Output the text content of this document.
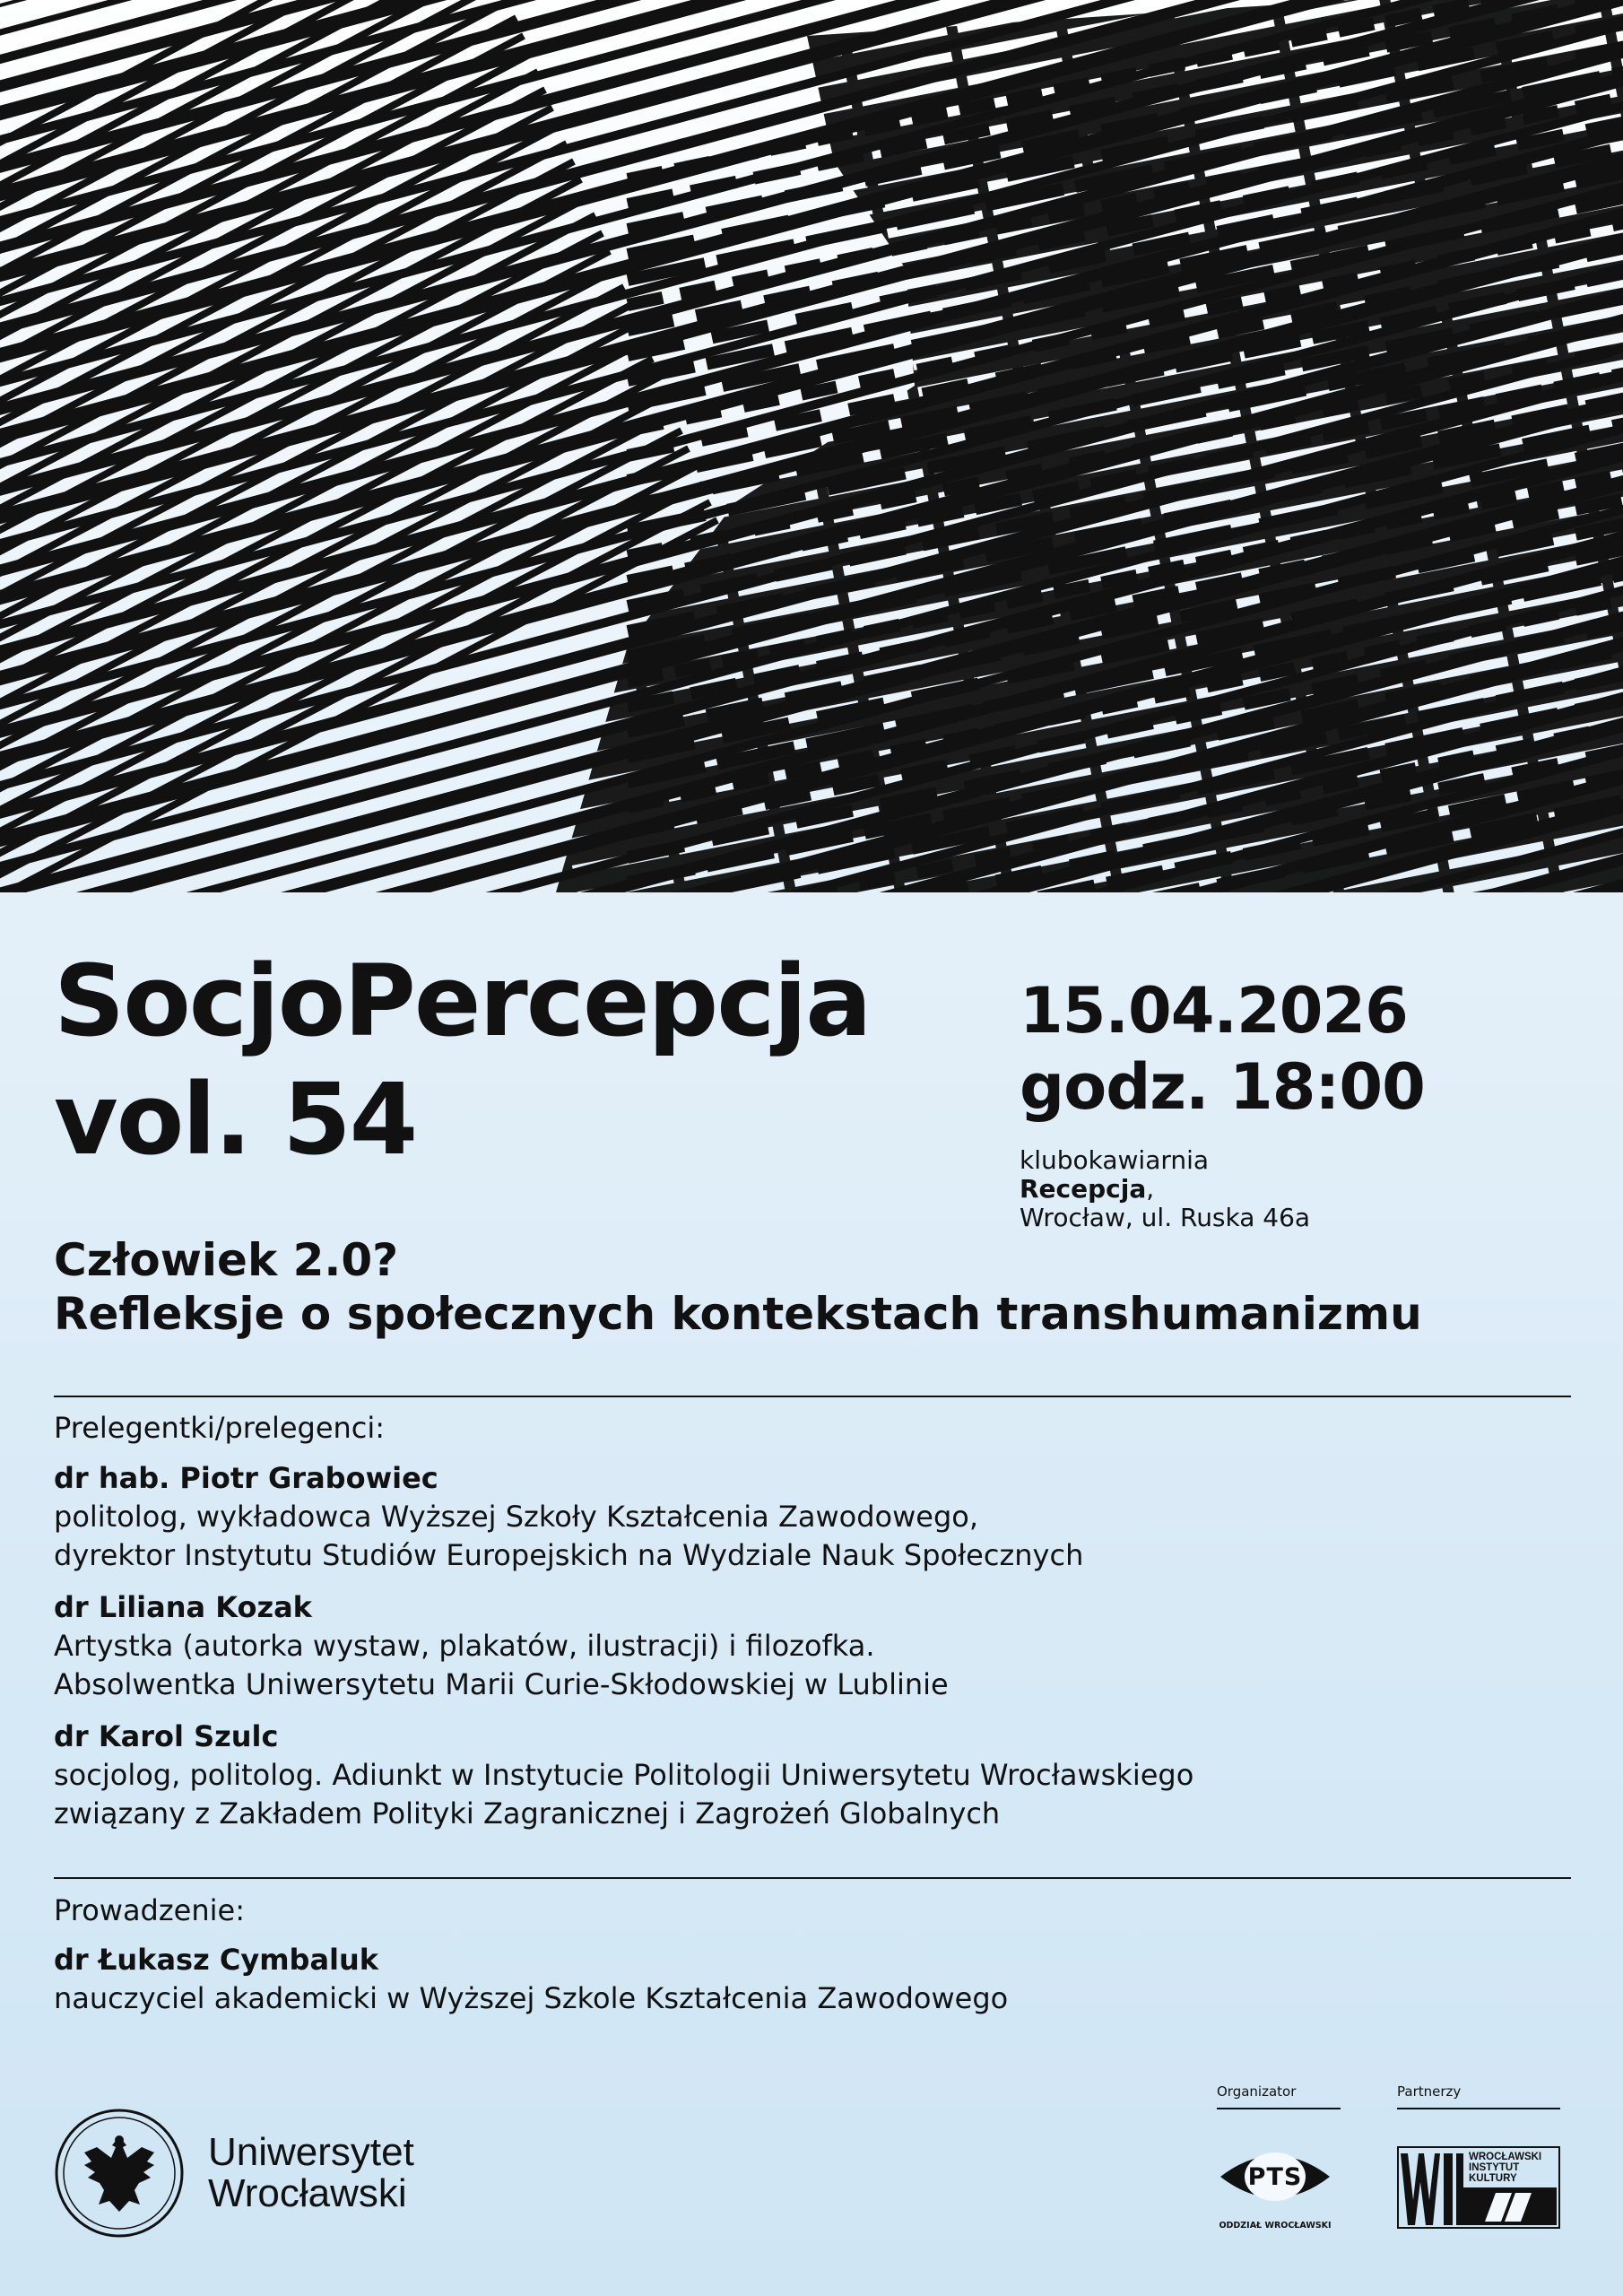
SocjoPercepcja
vol. 54
15.04.2026
godz. 18:00
klubokawiarnia
Recepcja,
Wrocław, ul. Ruska 46a
Człowiek 2.0?
Refleksje o społecznych kontekstach transhumanizmu
Prelegentki/prelegenci:
dr hab. Piotr Grabowiec
politolog, wykładowca Wyższej Szkoły Kształcenia Zawodowego,
dyrektor Instytutu Studiów Europejskich na Wydziale Nauk Społecznych
dr Liliana Kozak
Artystka (autorka wystaw, plakatów, ilustracji) i filozofka.
Absolwentka Uniwersytetu Marii Curie-Skłodowskiej w Lublinie
dr Karol Szulc
socjolog, politolog. Adiunkt w Instytucie Politologii Uniwersytetu Wrocławskiego
związany z Zakładem Polityki Zagranicznej i Zagrożeń Globalnych
Prowadzenie:
dr Łukasz Cymbaluk
nauczyciel akademicki w Wyższej Szkole Kształcenia Zawodowego
Uniwersytet
Wrocławski
Organizator
PTS
ODDZIAŁ WROCŁAWSKI
Partnerzy
WROCŁAWSKI
INSTYTUT
KULTURY
